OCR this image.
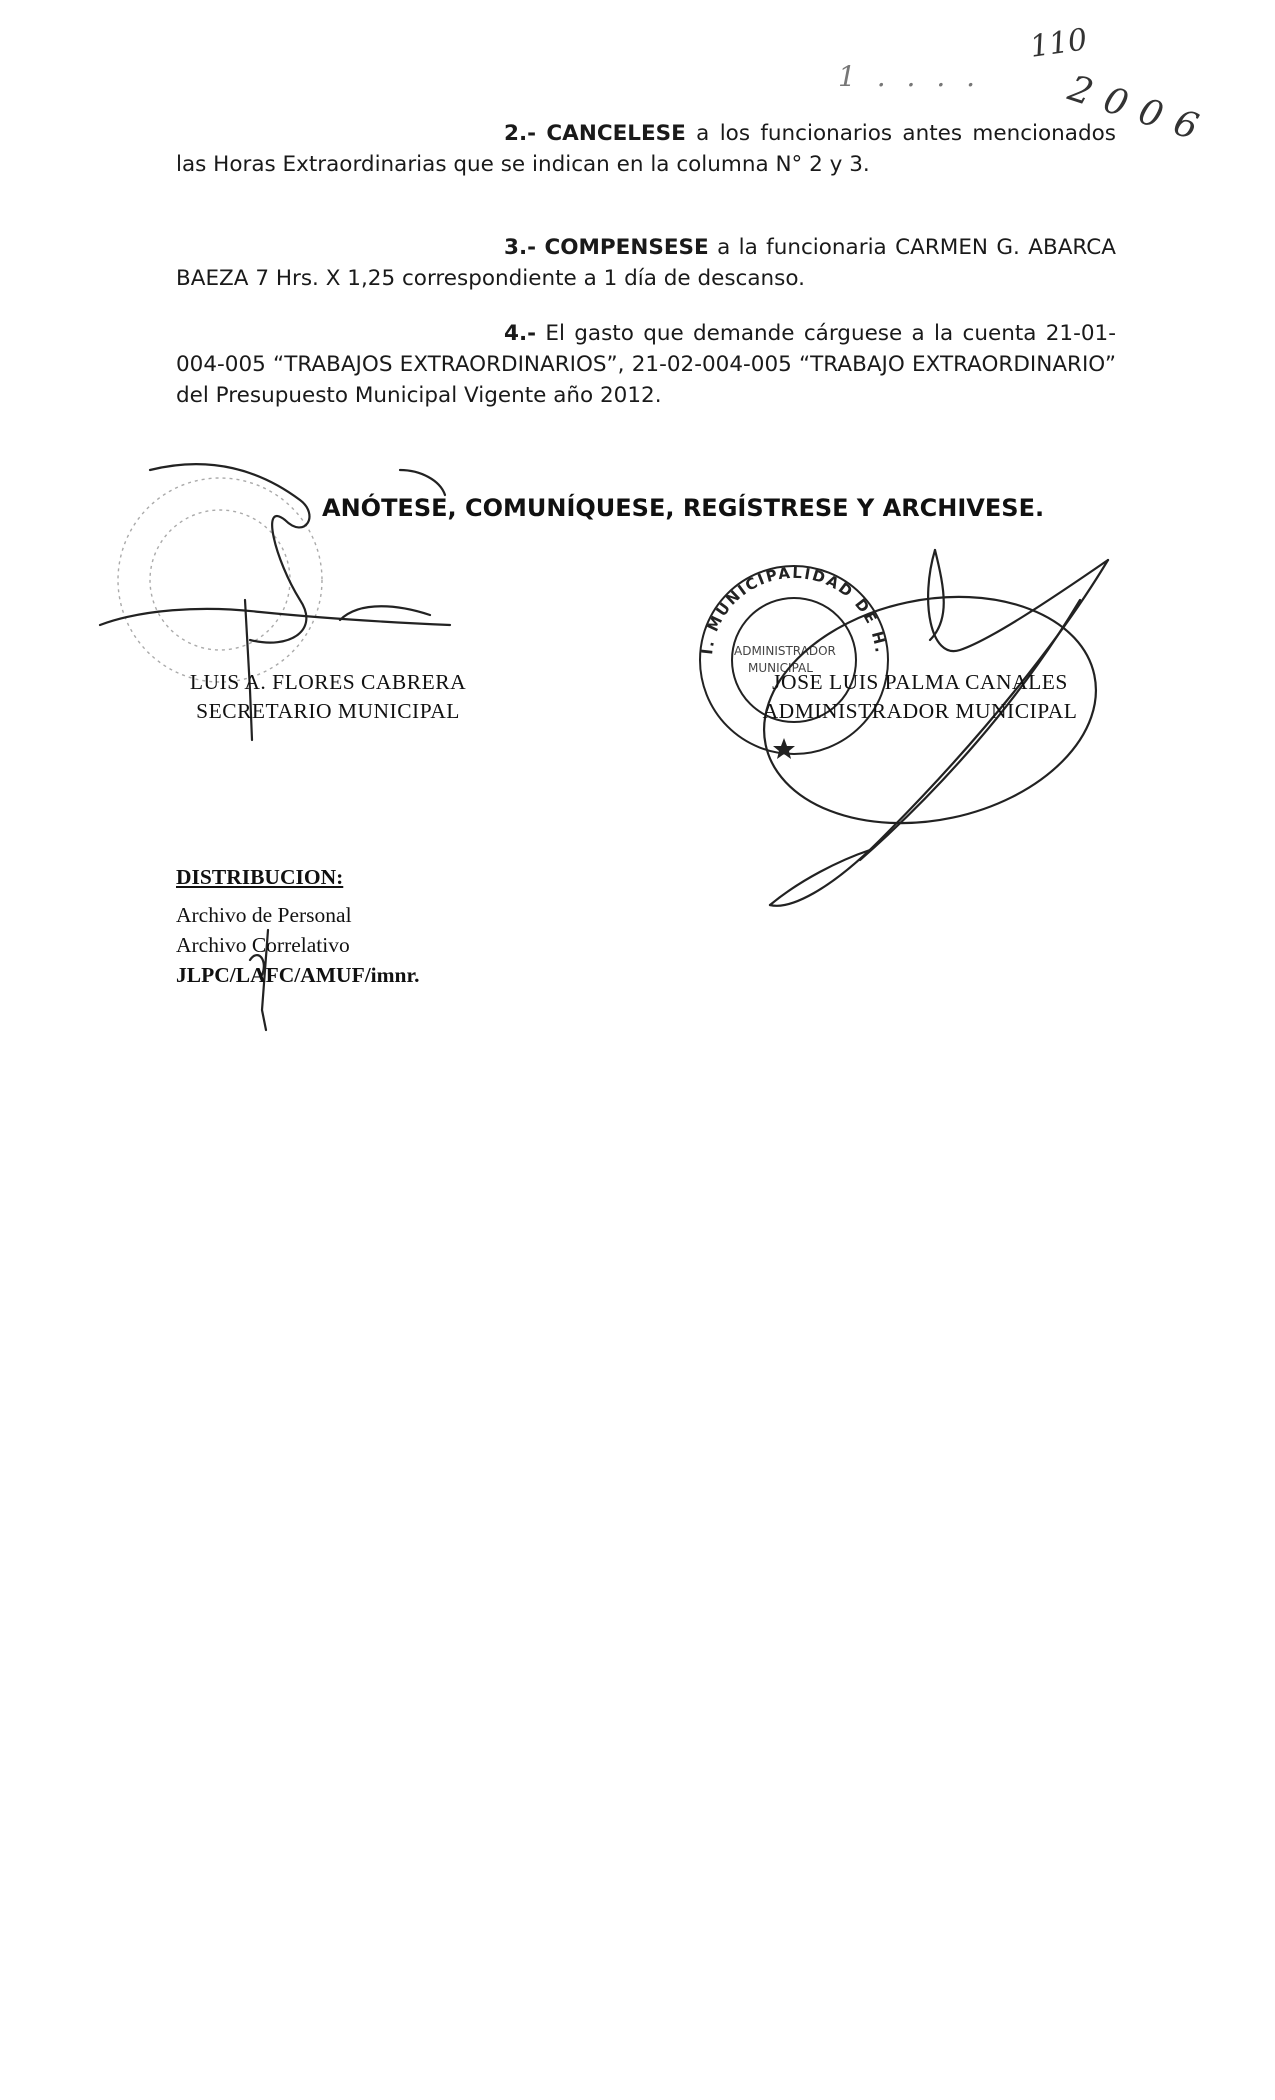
110
2006
1 . . . .
2.- CANCELESE a los funcionarios antes mencionados las Horas Extraordinarias que se indican en la columna N° 2 y 3.
3.- COMPENSESE a la funcionaria CARMEN G. ABARCA BAEZA 7 Hrs. X 1,25 correspondiente a 1 día de descanso.
4.- El gasto que demande cárguese a la cuenta 21-01-004-005 “TRABAJOS EXTRAORDINARIOS”, 21-02-004-005 “TRABAJO EXTRAORDINARIO” del Presupuesto Municipal Vigente año 2012.
ANÓTESE, COMUNÍQUESE, REGÍSTRESE Y ARCHIVESE.
I. MUNICIPALIDAD DE H.
ADMINISTRADOR
MUNICIPAL
LUIS A. FLORES CABRERA
SECRETARIO MUNICIPAL
JOSE LUIS PALMA CANALES
ADMINISTRADOR MUNICIPAL
DISTRIBUCION:
Archivo de Personal
Archivo Correlativo
JLPC/LAFC/AMUF/imnr.
